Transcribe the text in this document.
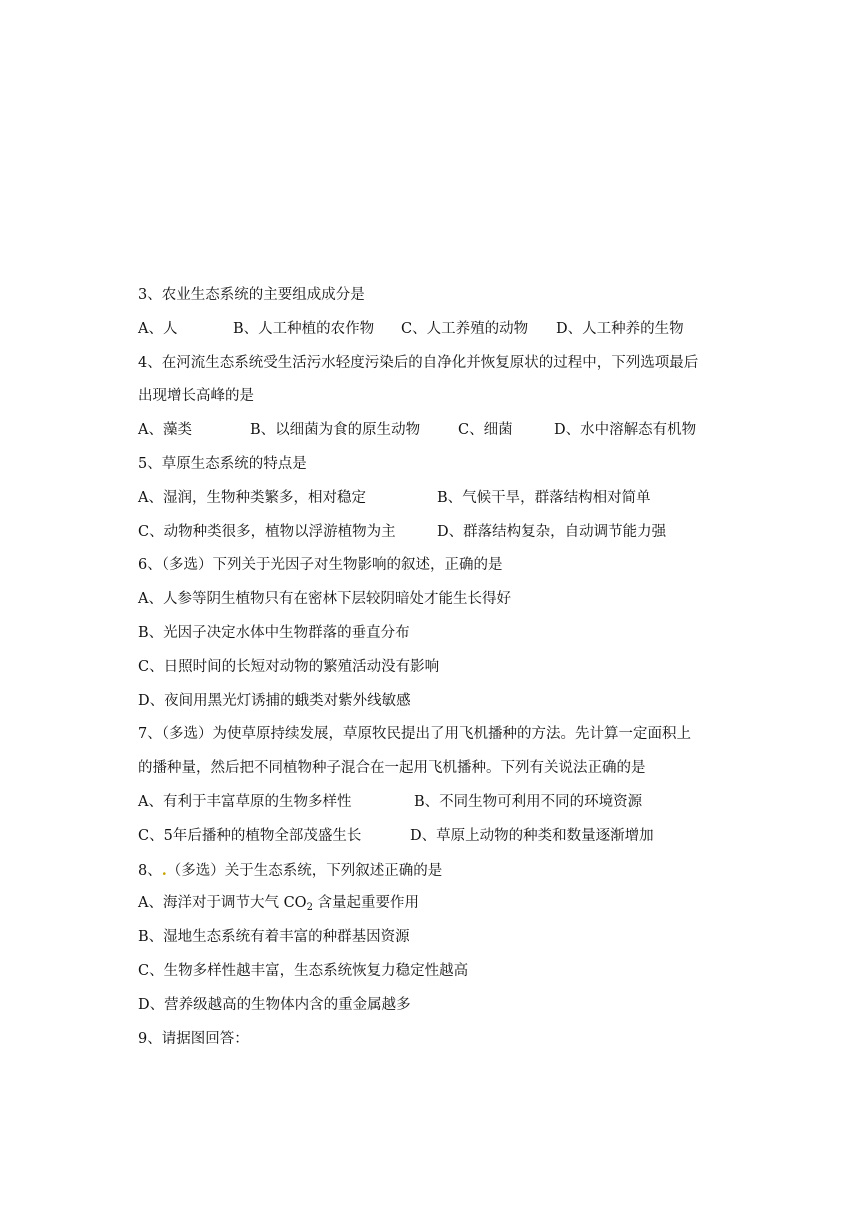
3、农业生态系统的主要组成成分是
A、人	B、人工种植的农作物 C、人工养殖的动物 D、人工种养的生物
4、在河流生态系统受生活污水轻度污染后的自净化并恢复原状的过程中，下列选项最后
出现增长高峰的是
A、藻类	B、以细菌为食的原生动物	C、细菌	D、水中溶解态有机物
5、草原生态系统的特点是
A、湿润，生物种类繁多，相对稳定	B、气候干旱，群落结构相对简单
C、动物种类很多，植物以浮游植物为主	D、群落结构复杂，自动调节能力强
6、（多选）下列关于光因子对生物影响的叙述，正确的是
A、人参等阴生植物只有在密林下层较阴暗处才能生长得好
B、光因子决定水体中生物群落的垂直分布
C、日照时间的长短对动物的繁殖活动没有影响
D、夜间用黑光灯诱捕的蛾类对紫外线敏感
7、（多选）为使草原持续发展，草原牧民提出了用飞机播种的方法。先计算一定面积上
的播种量，然后把不同植物种子混合在一起用飞机播种。下列有关说法正确的是
A、有利于丰富草原的生物多样性	B、不同生物可利用不同的环境资源
C、5年后播种的植物全部茂盛生长	D、草原上动物的种类和数量逐渐增加
8、.（多选）关于生态系统，下列叙述正确的是
A、海洋对于调节大气 $CO_2$ 含量起重要作用
B、湿地生态系统有着丰富的种群基因资源
C、生物多样性越丰富，生态系统恢复力稳定性越高
D、营养级越高的生物体内含的重金属越多
9、请据图回答：
